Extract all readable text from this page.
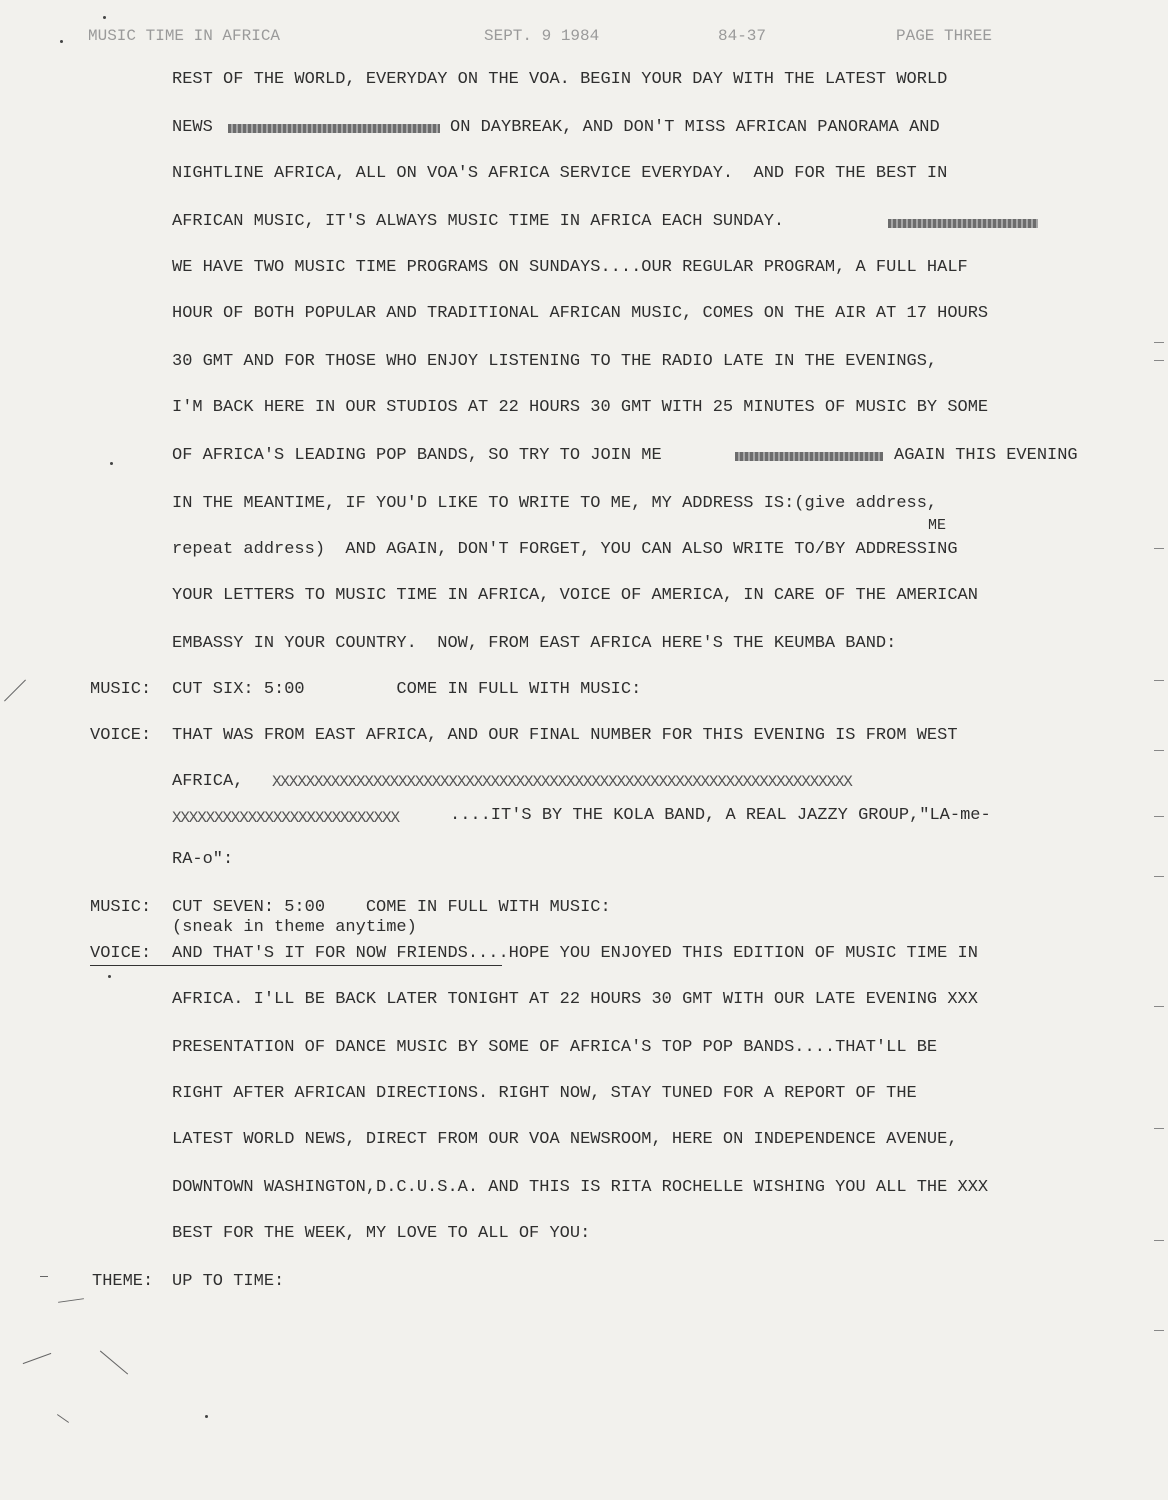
MUSIC TIME IN AFRICA	SEPT. 9 1984	84-37	PAGE THREE
REST OF THE WORLD, EVERYDAY ON THE VOA. BEGIN YOUR DAY WITH THE LATEST WORLD
NEWS	ON DAYBREAK, AND DON'T MISS AFRICAN PANORAMA AND
NIGHTLINE AFRICA, ALL ON VOA'S AFRICA SERVICE EVERYDAY.  AND FOR THE BEST IN
AFRICAN MUSIC, IT'S ALWAYS MUSIC TIME IN AFRICA EACH SUNDAY.
WE HAVE TWO MUSIC TIME PROGRAMS ON SUNDAYS....OUR REGULAR PROGRAM, A FULL HALF
HOUR OF BOTH POPULAR AND TRADITIONAL AFRICAN MUSIC, COMES ON THE AIR AT 17 HOURS
30 GMT AND FOR THOSE WHO ENJOY LISTENING TO THE RADIO LATE IN THE EVENINGS,
I'M BACK HERE IN OUR STUDIOS AT 22 HOURS 30 GMT WITH 25 MINUTES OF MUSIC BY SOME
OF AFRICA'S LEADING POP BANDS, SO TRY TO JOIN ME	AGAIN THIS EVENING
IN THE MEANTIME, IF YOU'D LIKE TO WRITE TO ME, MY ADDRESS IS:(give address,
ME
repeat address)  AND AGAIN, DON'T FORGET, YOU CAN ALSO WRITE TO/BY ADDRESSING
YOUR LETTERS TO MUSIC TIME IN AFRICA, VOICE OF AMERICA, IN CARE OF THE AMERICAN
EMBASSY IN YOUR COUNTRY.  NOW, FROM EAST AFRICA HERE'S THE KEUMBA BAND:
MUSIC: CUT SIX: 5:00         COME IN FULL WITH MUSIC:
VOICE: THAT WAS FROM EAST AFRICA, AND OUR FINAL NUMBER FOR THIS EVENING IS FROM WEST
AFRICA, XXXXXXXXXXXXXXXXXXXXXXXXXXXXXXXXXXXXXXXXXXXXXXXXXXXXXXXXXXXXXXXXXXXXX
XXXXXXXXXXXXXXXXXXXXXXXXXXX	....IT'S BY THE KOLA BAND, A REAL JAZZY GROUP,"LA-me-
RA-o":
MUSIC: CUT SEVEN: 5:00    COME IN FULL WITH MUSIC:
(sneak in theme anytime)
VOICE: AND THAT'S IT FOR NOW FRIENDS....HOPE YOU ENJOYED THIS EDITION OF MUSIC TIME IN
AFRICA. I'LL BE BACK LATER TONIGHT AT 22 HOURS 30 GMT WITH OUR LATE EVENING XXX
PRESENTATION OF DANCE MUSIC BY SOME OF AFRICA'S TOP POP BANDS....THAT'LL BE
RIGHT AFTER AFRICAN DIRECTIONS. RIGHT NOW, STAY TUNED FOR A REPORT OF THE
LATEST WORLD NEWS, DIRECT FROM OUR VOA NEWSROOM, HERE ON INDEPENDENCE AVENUE,
DOWNTOWN WASHINGTON,D.C.U.S.A. AND THIS IS RITA ROCHELLE WISHING YOU ALL THE XXX
BEST FOR THE WEEK, MY LOVE TO ALL OF YOU:
THEME: UP TO TIME:
